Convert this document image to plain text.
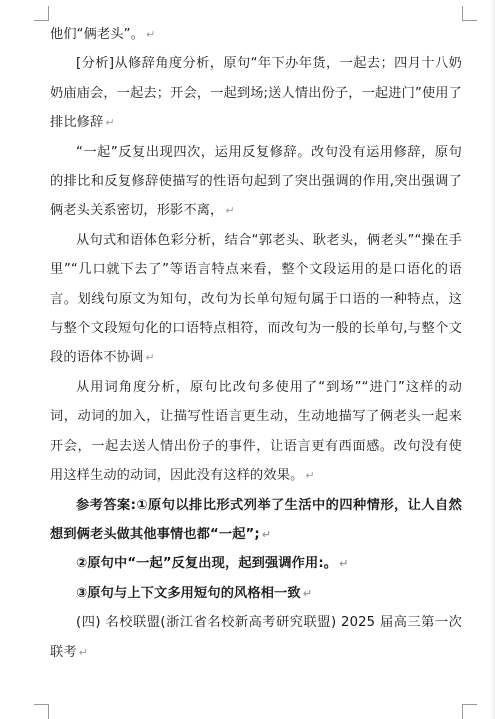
他们“俩老头”。 ↵

[分析]从修辞角度分析，原句“年下办年货，一起去；四月十八奶奶庙庙会，一起去；开会，一起到场;送人情出份子，一起进门”使用了排比修辞 ↵

“一起”反复出现四次，运用反复修辞。改句没有运用修辞，原句的排比和反复修辞使描写的性语句起到了突出强调的作用,突出强调了俩老头关系密切，形影不离， ↵

从句式和语体色彩分析，结合“郭老头、耿老头，俩老头”“操在手里”“几口就下去了”等语言特点来看，整个文段运用的是口语化的语言。划线句原文为知句，改句为长单句短句属于口语的一种特点，这与整个文段短句化的口语特点相符，而改句为一般的长单句,与整个文段的语体不协调 ↵

从用词角度分析，原句比改句多使用了“到场”“进门”这样的动词，动词的加入，让描写性语言更生动，生动地描写了俩老头一起来开会，一起去送人情出份子的事件，让语言更有西面感。改句没有使用这样生动的动词，因此没有这样的效果。 ↵

参考答案:①原句以排比形式列举了生活中的四种情形，让人自然想到俩老头做其他事情也都“一起”; ↵

②原句中“一起”反复出现，起到强调作用:。 ↵

③原句与上下文多用短句的风格相一致 ↵

(四) 名校联盟(浙江省名校新高考研究联盟) 2025 届高三第一次联考 ↵
